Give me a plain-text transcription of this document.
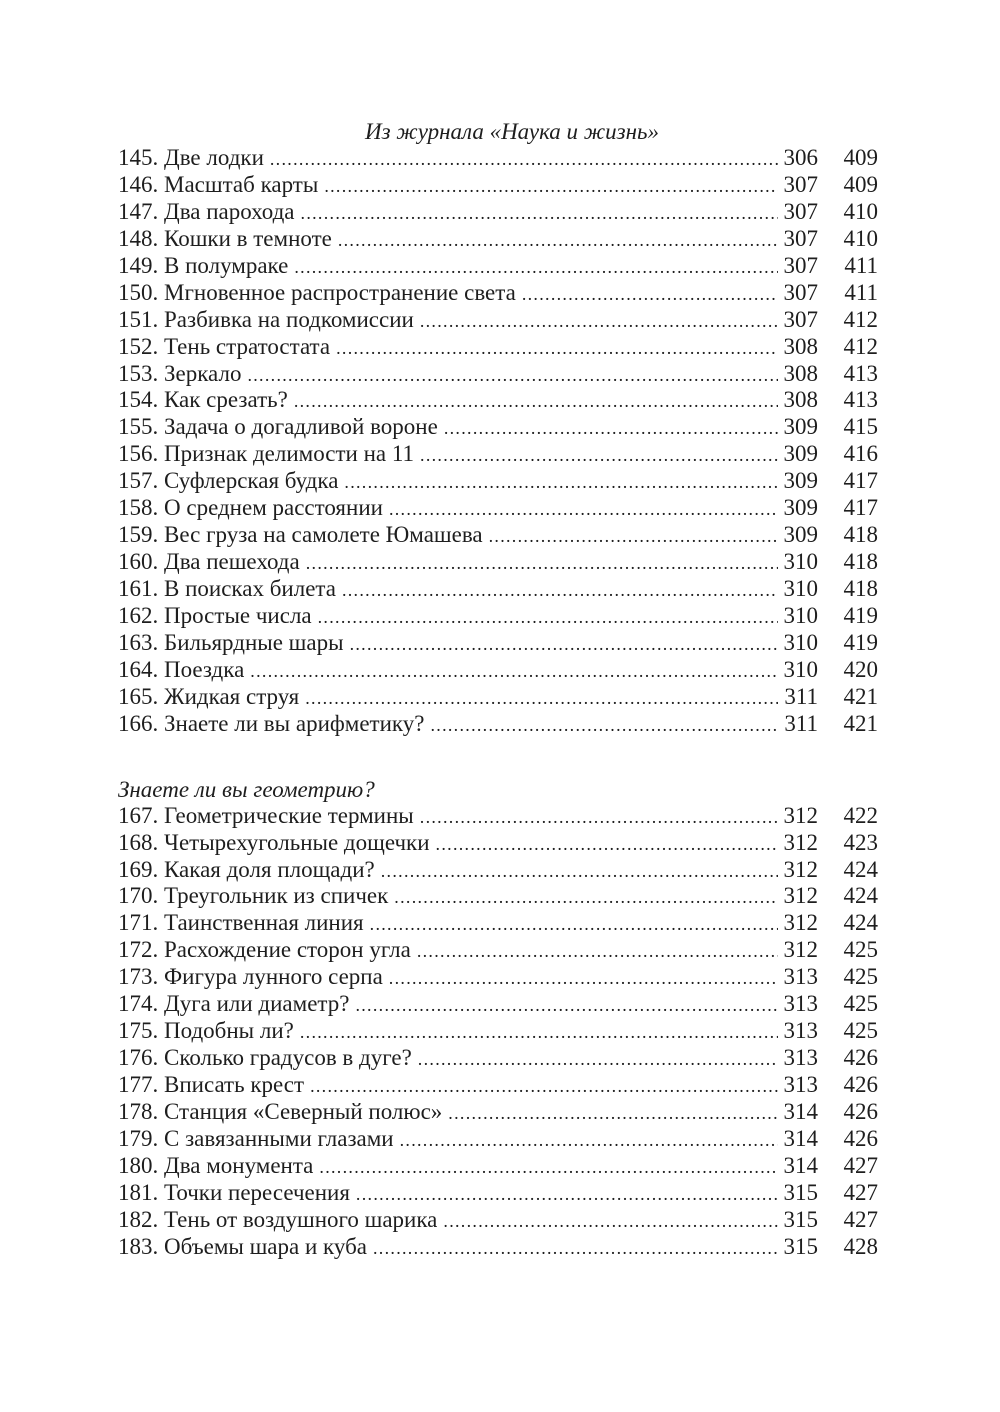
Из журнала «Наука и жизнь»
145. Две лодки . . .	306	409
146. Масштаб карты . . .	307	409
147. Два парохода . . .	307	410
148. Кошки в темноте . . .	307	410
149. В полумраке . . .	307	411
150. Мгновенное распространение света . . .	307	411
151. Разбивка на подкомиссии . . .	307	412
152. Тень стратостата . . .	308	412
153. Зеркало . . .	308	413
154. Как срезать? . . .	308	413
155. Задача о догадливой вороне . . .	309	415
156. Признак делимости на 11 . . .	309	416
157. Суфлерская будка . . .	309	417
158. О среднем расстоянии . . .	309	417
159. Вес груза на самолете Юмашева . . .	309	418
160. Два пешехода . . .	310	418
161. В поисках билета . . .	310	418
162. Простые числа . . .	310	419
163. Бильярдные шары . . .	310	419
164. Поездка . . .	310	420
165. Жидкая струя . . .	311	421
166. Знаете ли вы арифметику? . . .	311	421
Знаете ли вы геометрию?
167. Геометрические термины . . .	312	422
168. Четырехугольные дощечки . . .	312	423
169. Какая доля площади? . . .	312	424
170. Треугольник из спичек . . .	312	424
171. Таинственная линия . . .	312	424
172. Расхождение сторон угла . . .	312	425
173. Фигура лунного серпа . . .	313	425
174. Дуга или диаметр? . . .	313	425
175. Подобны ли? . . .	313	425
176. Сколько градусов в дуге? . . .	313	426
177. Вписать крест . . .	313	426
178. Станция «Северный полюс» . . .	314	426
179. С завязанными глазами . . .	314	426
180. Два монумента . . .	314	427
181. Точки пересечения . . .	315	427
182. Тень от воздушного шарика . . .	315	427
183. Объемы шара и куба . . .	315	428
